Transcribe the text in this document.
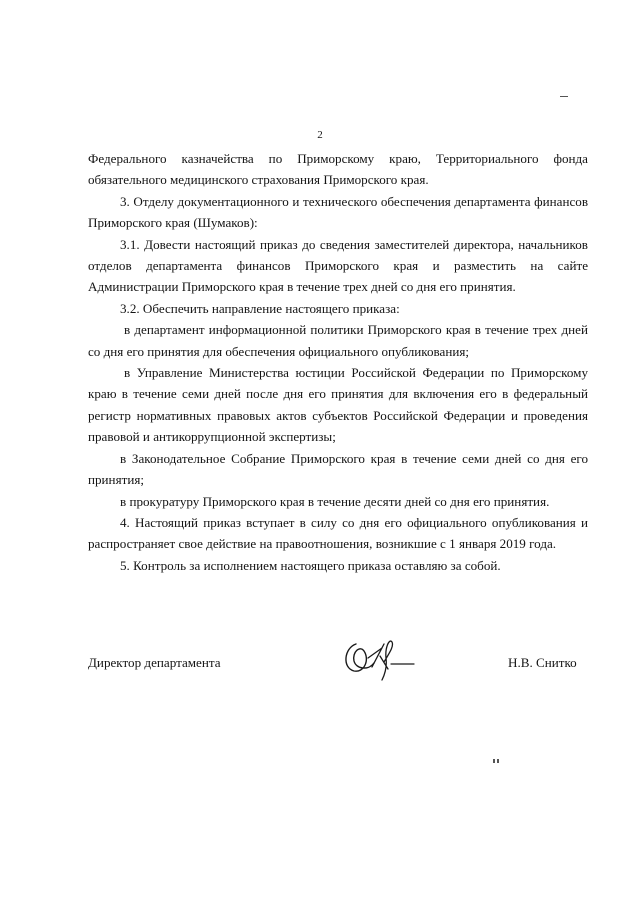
2

Федерального казначейства по Приморскому краю, Территориального фонда обязательного медицинского страхования Приморского края.

3. Отделу документационного и технического обеспечения департамента финансов Приморского края (Шумаков):

3.1. Довести настоящий приказ до сведения заместителей директора, начальников отделов департамента финансов Приморского края и разместить на сайте Администрации Приморского края в течение трех дней со дня его принятия.

3.2. Обеспечить направление настоящего приказа:

в департамент информационной политики Приморского края в течение трех дней со дня его принятия для обеспечения официального опубликования;

в Управление Министерства юстиции Российской Федерации по Приморскому краю в течение семи дней после дня его принятия для включения его в федеральный регистр нормативных правовых актов субъектов Российской Федерации и проведения правовой и антикоррупционной экспертизы;

в Законодательное Собрание Приморского края в течение семи дней со дня его принятия;

в прокуратуру Приморского края в течение десяти дней со дня его принятия.

4. Настоящий приказ вступает в силу со дня его официального опубликования и распространяет свое действие на правоотношения, возникшие с 1 января 2019 года.

5. Контроль за исполнением настоящего приказа оставляю за собой.

Директор департамента	Н.В. Снитко
